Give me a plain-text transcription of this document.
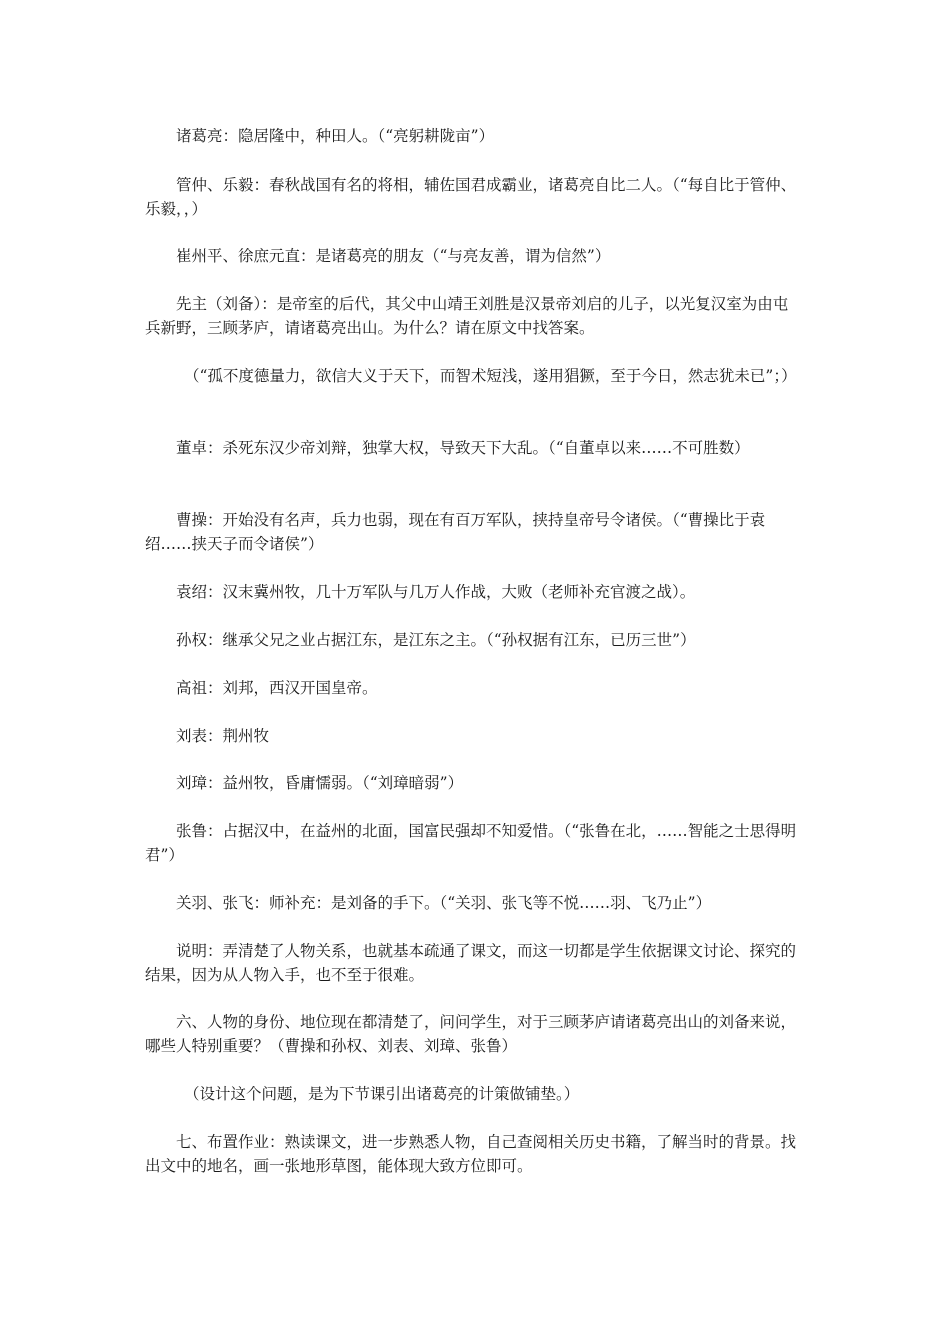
诸葛亮：隐居隆中，种田人。（“亮躬耕陇亩”）

管仲、乐毅：春秋战国有名的将相，辅佐国君成霸业，诸葛亮自比二人。（“每自比于管仲、乐毅，，）

崔州平、徐庶元直：是诸葛亮的朋友（“与亮友善，谓为信然”）

先主（刘备）：是帝室的后代，其父中山靖王刘胜是汉景帝刘启的儿子，以光复汉室为由屯兵新野，三顾茅庐，请诸葛亮出山。为什么？请在原文中找答案。

（“孤不度德量力，欲信大义于天下，而智术短浅，遂用猖獗，至于今日，然志犹未已”；）

董卓：杀死东汉少帝刘辩，独掌大权，导致天下大乱。（“自董卓以来……不可胜数）

曹操：开始没有名声，兵力也弱，现在有百万军队，挟持皇帝号令诸侯。（“曹操比于袁绍……挟天子而令诸侯”）

袁绍：汉末冀州牧，几十万军队与几万人作战，大败（老师补充官渡之战）。

孙权：继承父兄之业占据江东，是江东之主。（“孙权据有江东，已历三世”）

高祖：刘邦，西汉开国皇帝。

刘表：荆州牧

刘璋：益州牧，昏庸懦弱。（“刘璋暗弱”）

张鲁：占据汉中，在益州的北面，国富民强却不知爱惜。（“张鲁在北，……智能之士思得明君”）

关羽、张飞：师补充：是刘备的手下。（“关羽、张飞等不悦……羽、飞乃止”）

说明：弄清楚了人物关系，也就基本疏通了课文，而这一切都是学生依据课文讨论、探究的结果，因为从人物入手，也不至于很难。

六、人物的身份、地位现在都清楚了，问问学生，对于三顾茅庐请诸葛亮出山的刘备来说，哪些人特别重要？（曹操和孙权、刘表、刘璋、张鲁）

（设计这个问题，是为下节课引出诸葛亮的计策做铺垫。）

七、布置作业：熟读课文，进一步熟悉人物，自己查阅相关历史书籍，了解当时的背景。找出文中的地名，画一张地形草图，能体现大致方位即可。
